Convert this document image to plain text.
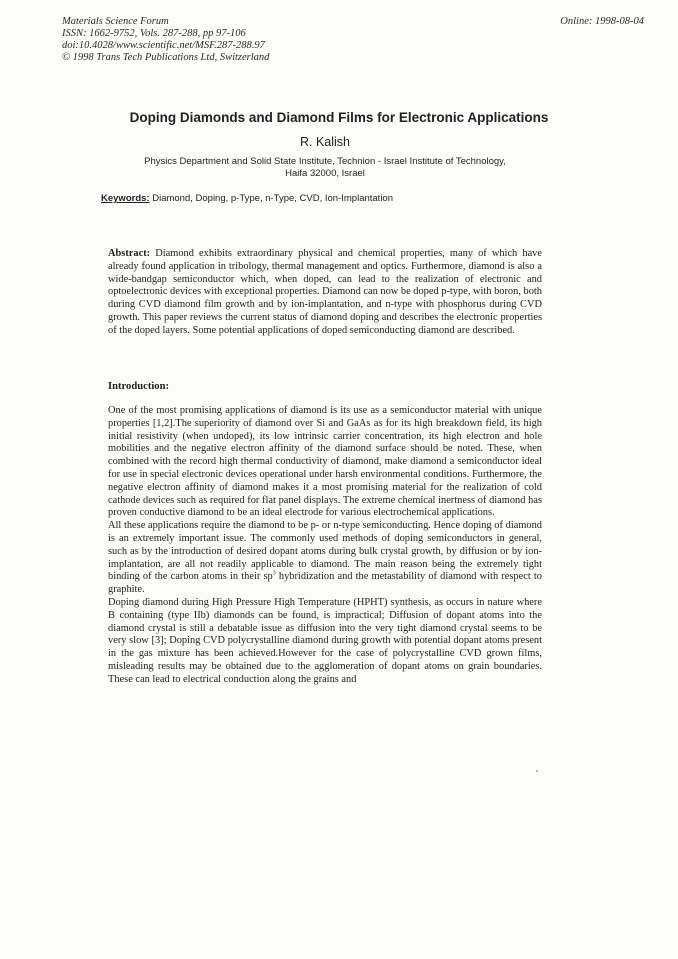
Materials Science Forum
ISSN: 1662-9752, Vols. 287-288, pp 97-106
doi:10.4028/www.scientific.net/MSF.287-288.97
© 1998 Trans Tech Publications Ltd, Switzerland
Online: 1998-08-04
Doping Diamonds and Diamond Films for Electronic Applications
R. Kalish
Physics Department and Solid State Institute, Technion - Israel Institute of Technology,
Haifa 32000, Israel
Keywords: Diamond, Doping, p-Type, n-Type, CVD, Ion-Implantation
Abstract: Diamond exhibits extraordinary physical and chemical properties, many of which have already found application in tribology, thermal management and optics. Furthermore, diamond is also a wide-bandgap semiconductor which, when doped, can lead to the realization of electronic and optoelectronic devices with exceptional properties. Diamond can now be doped p-type, with boron, both during CVD diamond film growth and by ion-implantation, and n-type with phosphorus during CVD growth. This paper reviews the current status of diamond doping and describes the electronic properties of the doped layers. Some potential applications of doped semiconducting diamond are described.
Introduction:

One of the most promising applications of diamond is its use as a semiconductor material with unique properties [1,2].The superiority of diamond over Si and GaAs as for its high breakdown field, its high initial resistivity (when undoped), its low intrinsic carrier concentration, its high electron and hole mobilities and the negative electron affinity of the diamond surface should be noted. These, when combined with the record high thermal conductivity of diamond, make diamond a semiconductor ideal for use in special electronic devices operational under harsh environmental conditions. Furthermore, the negative electron affinity of diamond makes it a most promising material for the realization of cold cathode devices such as required for flat panel displays. The extreme chemical inertness of diamond has proven conductive diamond to be an ideal electrode for various electrochemical applications.

All these applications require the diamond to be p- or n-type semiconducting. Hence doping of diamond is an extremely important issue. The commonly used methods of doping semiconductors in general, such as by the introduction of desired dopant atoms during bulk crystal growth, by diffusion or by ion-implantation, are all not readily applicable to diamond. The main reason being the extremely tight binding of the carbon atoms in their $sp^3$ hybridization and the metastability of diamond with respect to graphite.

Doping diamond during High Pressure High Temperature (HPHT) synthesis, as occurs in nature where B containing (type IIb) diamonds can be found, is impractical; Diffusion of dopant atoms into the diamond crystal is still a debatable issue as diffusion into the very tight diamond crystal seems to be very slow [3]; Doping CVD polycrystalline diamond during growth with potential dopant atoms present in the gas mixture has been achieved.However for the case of polycrystalline CVD grown films, misleading results may be obtained due to the agglomeration of dopant atoms on grain boundaries. These can lead to electrical conduction along the grains and
